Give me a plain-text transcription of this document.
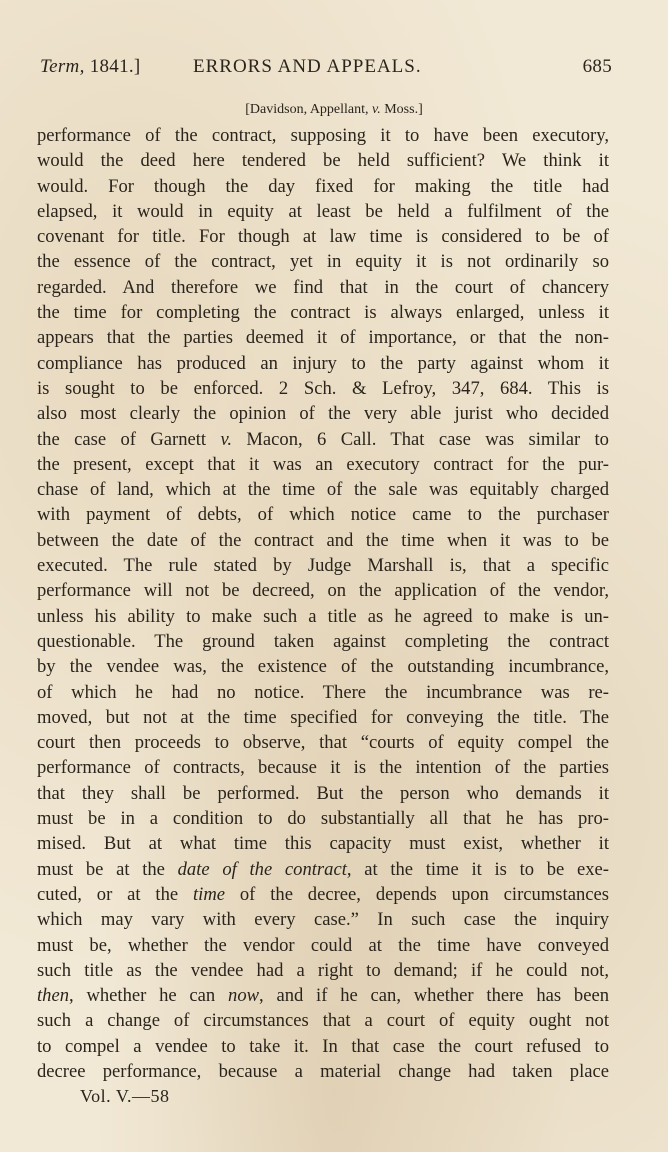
Term, 1841.]	ERRORS AND APPEALS.	685
[Davidson, Appellant, v. Moss.]
performance of the contract, supposing it to have been executory,
would the deed here tendered be held sufficient? We think it
would. For though the day fixed for making the title had
elapsed, it would in equity at least be held a fulfilment of the
covenant for title. For though at law time is considered to be of
the essence of the contract, yet in equity it is not ordinarily so
regarded. And therefore we find that in the court of chancery
the time for completing the contract is always enlarged, unless it
appears that the parties deemed it of importance, or that the non-
compliance has produced an injury to the party against whom it
is sought to be enforced. 2 Sch. & Lefroy, 347, 684. This is
also most clearly the opinion of the very able jurist who decided
the case of Garnett v. Macon, 6 Call. That case was similar to
the present, except that it was an executory contract for the pur-
chase of land, which at the time of the sale was equitably charged
with payment of debts, of which notice came to the purchaser
between the date of the contract and the time when it was to be
executed. The rule stated by Judge Marshall is, that a specific
performance will not be decreed, on the application of the vendor,
unless his ability to make such a title as he agreed to make is un-
questionable. The ground taken against completing the contract
by the vendee was, the existence of the outstanding incumbrance,
of which he had no notice. There the incumbrance was re-
moved, but not at the time specified for conveying the title. The
court then proceeds to observe, that “courts of equity compel the
performance of contracts, because it is the intention of the parties
that they shall be performed. But the person who demands it
must be in a condition to do substantially all that he has pro-
mised. But at what time this capacity must exist, whether it
must be at the date of the contract, at the time it is to be exe-
cuted, or at the time of the decree, depends upon circumstances
which may vary with every case.” In such case the inquiry
must be, whether the vendor could at the time have conveyed
such title as the vendee had a right to demand; if he could not,
then, whether he can now, and if he can, whether there has been
such a change of circumstances that a court of equity ought not
to compel a vendee to take it. In that case the court refused to
decree performance, because a material change had taken place
Vol. V.—58
